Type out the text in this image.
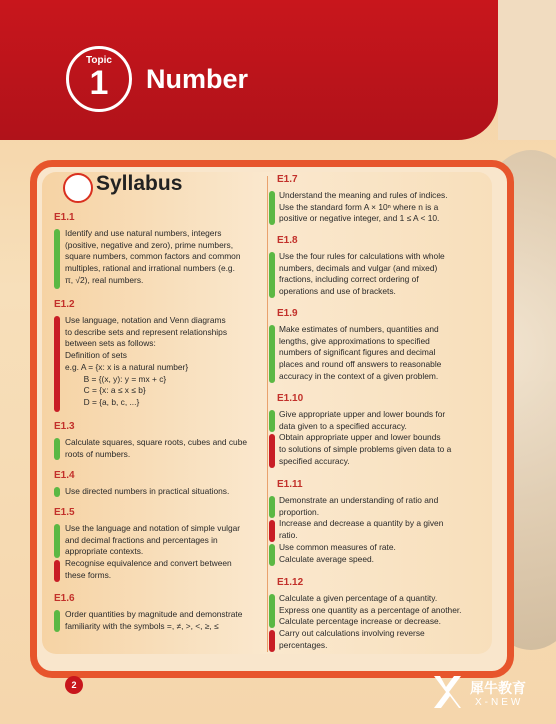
Topic
1	Number
Syllabus
E1.1
Identify and use natural numbers, integers
(positive, negative and zero), prime numbers,
square numbers, common factors and common
multiples, rational and irrational numbers (e.g.
π, √2), real numbers.
E1.2
Use language, notation and Venn diagrams
to describe sets and represent relationships
between sets as follows:
Definition of sets
e.g. A = {x: x is a natural number}
B = {(x, y): y = mx + c}
C = {x: a ≤ x ≤ b}
D = {a, b, c, ...}
E1.3
Calculate squares, square roots, cubes and cube
roots of numbers.
E1.4
Use directed numbers in practical situations.
E1.5
Use the language and notation of simple vulgar
and decimal fractions and percentages in
appropriate contexts.
Recognise equivalence and convert between
these forms.
E1.6
Order quantities by magnitude and demonstrate
familiarity with the symbols =, ≠, >, <, ≥, ≤
E1.7
Understand the meaning and rules of indices.
Use the standard form A × 10ⁿ where n is a
positive or negative integer, and 1 ≤ A < 10.
E1.8
Use the four rules for calculations with whole
numbers, decimals and vulgar (and mixed)
fractions, including correct ordering of
operations and use of brackets.
E1.9
Make estimates of numbers, quantities and
lengths, give approximations to specified
numbers of significant figures and decimal
places and round off answers to reasonable
accuracy in the context of a given problem.
E1.10
Give appropriate upper and lower bounds for
data given to a specified accuracy.
Obtain appropriate upper and lower bounds
to solutions of simple problems given data to a
specified accuracy.
E1.11
Demonstrate an understanding of ratio and
proportion.
Increase and decrease a quantity by a given
ratio.
Use common measures of rate.
Calculate average speed.
E1.12
Calculate a given percentage of a quantity.
Express one quantity as a percentage of another.
Calculate percentage increase or decrease.
Carry out calculations involving reverse
percentages.
2	犀牛教育
X-NEW
